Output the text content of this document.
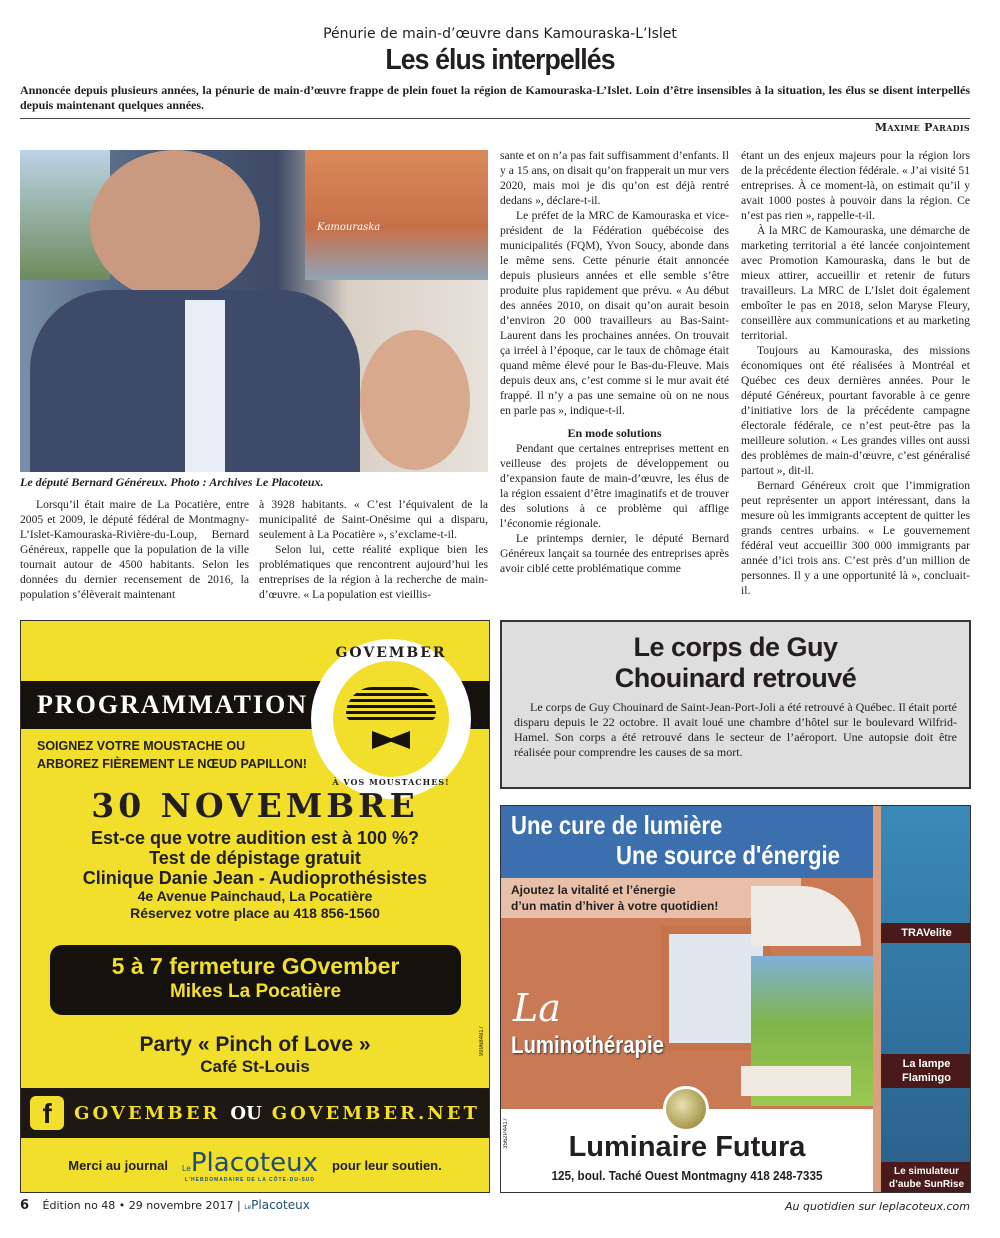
Pénurie de main-d’œuvre dans Kamouraska-L’Islet
Les élus interpellés
Annoncée depuis plusieurs années, la pénurie de main-d’œuvre frappe de plein fouet la région de Kamouraska-L’Islet. Loin d’être insensibles à la situation, les élus se disent interpellés depuis maintenant quelques années.
Maxime Paradis
Kamouraska
Le député Bernard Généreux. Photo : Archives Le Placoteux.

Lorsqu’il était maire de La Pocatière, entre 2005 et 2009, le député fédéral de Montmagny-L’Islet-Kamouraska-Rivière-du-Loup, Bernard Généreux, rappelle que la population de la ville tournait autour de 4500 habitants. Selon les données du dernier recensement de 2016, la population s’élèverait maintenant

à 3928 habitants. « C’est l’équivalent de la municipalité de Saint-Onésime qui a disparu, seulement à La Pocatière », s’exclame-t-il.

Selon lui, cette réalité explique bien les problématiques que rencontrent aujourd’hui les entreprises de la région à la recherche de main-d’œuvre. « La population est vieillis-

sante et on n’a pas fait suffisamment d’enfants. Il y a 15 ans, on disait qu’on frapperait un mur vers 2020, mais moi je dis qu’on est déjà rentré dedans », déclare-t-il.

Le préfet de la MRC de Kamouraska et vice-président de la Fédération québécoise des municipalités (FQM), Yvon Soucy, abonde dans le même sens. Cette pénurie était annoncée depuis plusieurs années et elle semble s’être produite plus rapidement que prévu. « Au début des années 2010, on disait qu’on aurait besoin d’environ 20 000 travailleurs au Bas-Saint-Laurent dans les prochaines années. On trouvait ça irréel à l’époque, car le taux de chômage était quand même élevé pour le Bas-du-Fleuve. Mais depuis deux ans, c’est comme si le mur avait été frappé. Il n’y a pas une semaine où on ne nous en parle pas », indique-t-il.

En mode solutions

Pendant que certaines entreprises mettent en veilleuse des projets de développement ou d’expansion faute de main-d’œuvre, les élus de la région essaient d’être imaginatifs et de trouver des solutions à ce problème qui afflige l’économie régionale.

Le printemps dernier, le député Bernard Généreux lançait sa tournée des entreprises après avoir ciblé cette problématique comme

étant un des enjeux majeurs pour la région lors de la précédente élection fédérale. « J’ai visité 51 entreprises. À ce moment-là, on estimait qu’il y avait 1000 postes à pouvoir dans la région. Ce n’est pas rien », rappelle-t-il.

À la MRC de Kamouraska, une démarche de marketing territorial a été lancée conjointement avec Promotion Kamouraska, dans le but de mieux attirer, accueillir et retenir de futurs travailleurs. La MRC de L’Islet doit également emboîter le pas en 2018, selon Maryse Fleury, conseillère aux communications et au marketing territorial.

Toujours au Kamouraska, des missions économiques ont été réalisées à Montréal et Québec ces deux dernières années. Pour le député Généreux, pourtant favorable à ce genre d’initiative lors de la précédente campagne électorale fédérale, ce n’est peut-être pas la meilleure solution. « Les grandes villes ont aussi des problèmes de main-d’œuvre, c’est généralisé partout », dit-il.

Bernard Généreux croit que l’immigration peut représenter un apport intéressant, dans la mesure où les immigrants acceptent de quitter les grands centres urbains. « Le gouvernement fédéral veut accueillir 300 000 immigrants par année d’ici trois ans. C’est près d’un million de personnes. Il y a une opportunité là », concluait-il.

PROGRAMMATION
GOVEMBER
À VOS MOUSTACHES!
SOIGNEZ VOTRE MOUSTACHE OU
ARBOREZ FIÈREMENT LE NŒUD PAPILLON!
30 NOVEMBRE
Est-ce que votre audition est à 100 %?
Test de dépistage gratuit
Clinique Danie Jean - Audioprothésistes
4e Avenue Painchaud, La Pocatière
Réservez votre place au 418 856-1560
5 à 7 fermeture GOvember
Mikes La Pocatière
Party « Pinch of Love »
Café St-Louis
999684817
f	GOVEMBER OU GOVEMBER.NET
Merci au journal LePlacoteux
L’HEBDOMADAIRE DE LA CÔTE-DU-SUD
pour leur soutien.
Le corps de Guy Chouinard retrouvé

Le corps de Guy Chouinard de Saint-Jean-Port-Joli a été retrouvé à Québec. Il était porté disparu depuis le 22 octobre. Il avait loué une chambre d’hôtel sur le boulevard Wilfrid-Hamel. Son corps a été retrouvé dans le secteur de l’aéroport. Une autopsie doit être réalisée pour comprendre les causes de sa mort.

Une cure de lumière
Une source d'énergie
Ajoutez la vitalité et l’énergie
d’un matin d’hiver à votre quotidien!
La
Luminothérapie
Luminaire Futura
125, boul. Taché Ouest Montmagny 418 248-7335
3562P4417
TRAVelite
La lampe Flamingo
Le simulateur d’aube SunRise
6 Édition no 48 • 29 novembre 2017 | LePlacoteux	Au quotidien sur leplacoteux.com
